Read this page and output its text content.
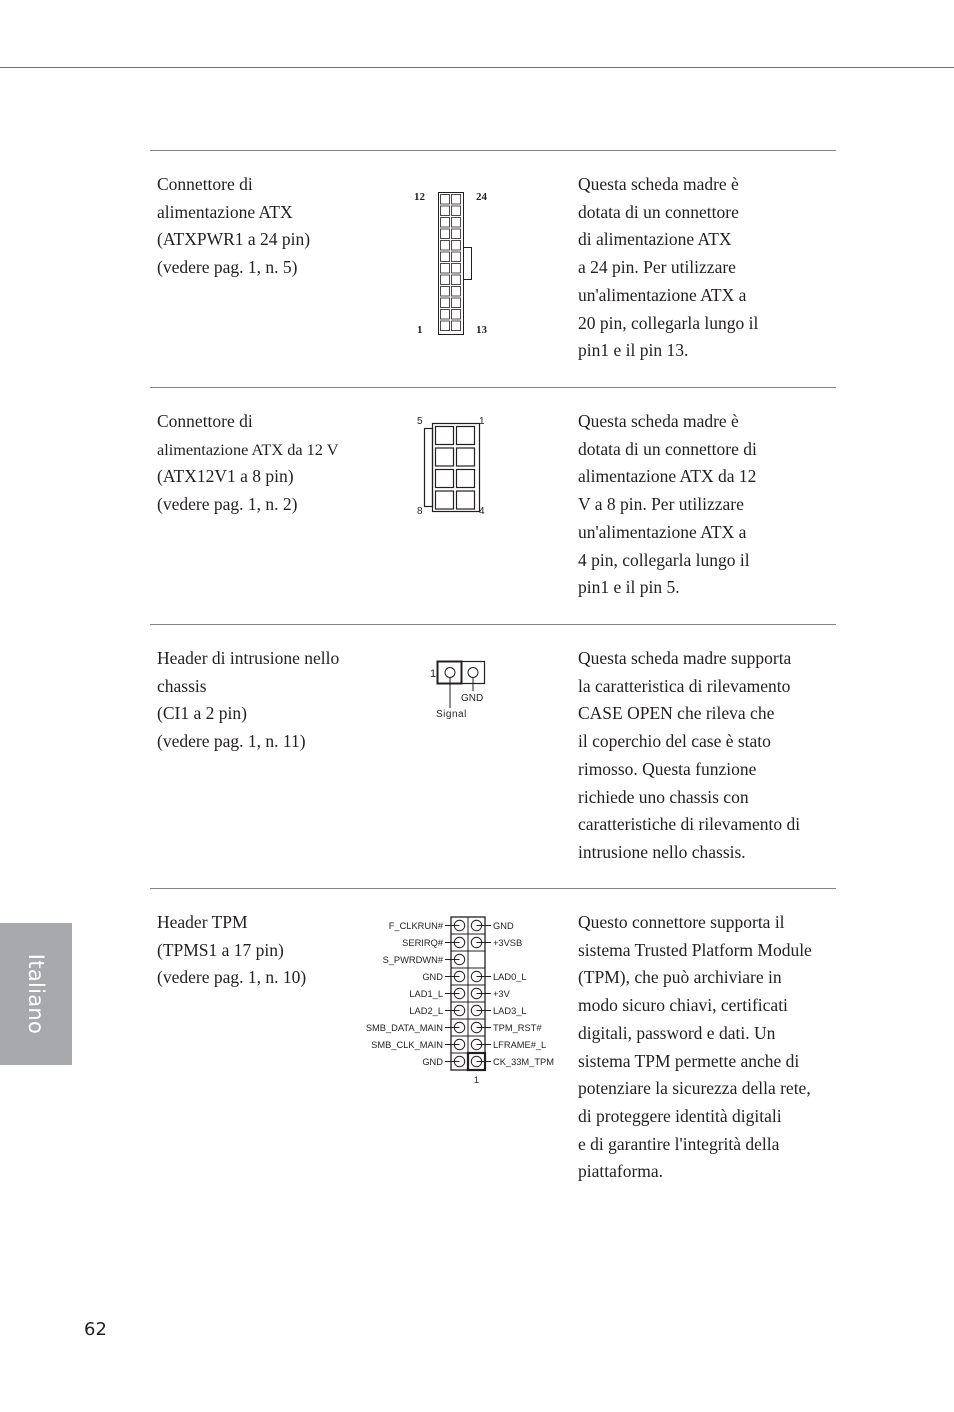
Connettore di
alimentazione ATX
(ATXPWR1 a 24 pin)
(vedere pag. 1, n. 5)
Questa scheda madre è
dotata di un connettore
di alimentazione ATX
a 24 pin. Per utilizzare
un'alimentazione ATX a
20 pin, collegarla lungo il
pin1 e il pin 13.
12	24
1	13
Connettore di
alimentazione ATX da 12 V
(ATX12V1 a 8 pin)
(vedere pag. 1, n. 2)
Questa scheda madre è
dotata di un connettore di
alimentazione ATX da 12
V a 8 pin. Per utilizzare
un'alimentazione ATX a
4 pin, collegarla lungo il
pin1 e il pin 5.
5	1
8	4
Header di intrusione nello
chassis
(CI1 a 2 pin)
(vedere pag. 1, n. 11)
Questa scheda madre supporta
la caratteristica di rilevamento
CASE OPEN che rileva che
il coperchio del case è stato
rimosso. Questa funzione
richiede uno chassis con
caratteristiche di rilevamento di
intrusione nello chassis.
1
GND
Signal
Header TPM
(TPMS1 a 17 pin)
(vedere pag. 1, n. 10)
Questo connettore supporta il
sistema Trusted Platform Module
(TPM), che può archiviare in
modo sicuro chiavi, certificati
digitali, password e dati. Un
sistema TPM permette anche di
potenziare la sicurezza della rete,
di proteggere identità digitali
e di garantire l'integrità della
piattaforma.
F_CLKRUN#	GND
SERIRQ#	+3VSB
S_PWRDWN#
GND	LAD0_L
LAD1_L	+3V
LAD2_L	LAD3_L
SMB_DATA_MAIN	TPM_RST#
SMB_CLK_MAIN	LFRAME#_L
GND	CK_33M_TPM
1
Italiano
62
